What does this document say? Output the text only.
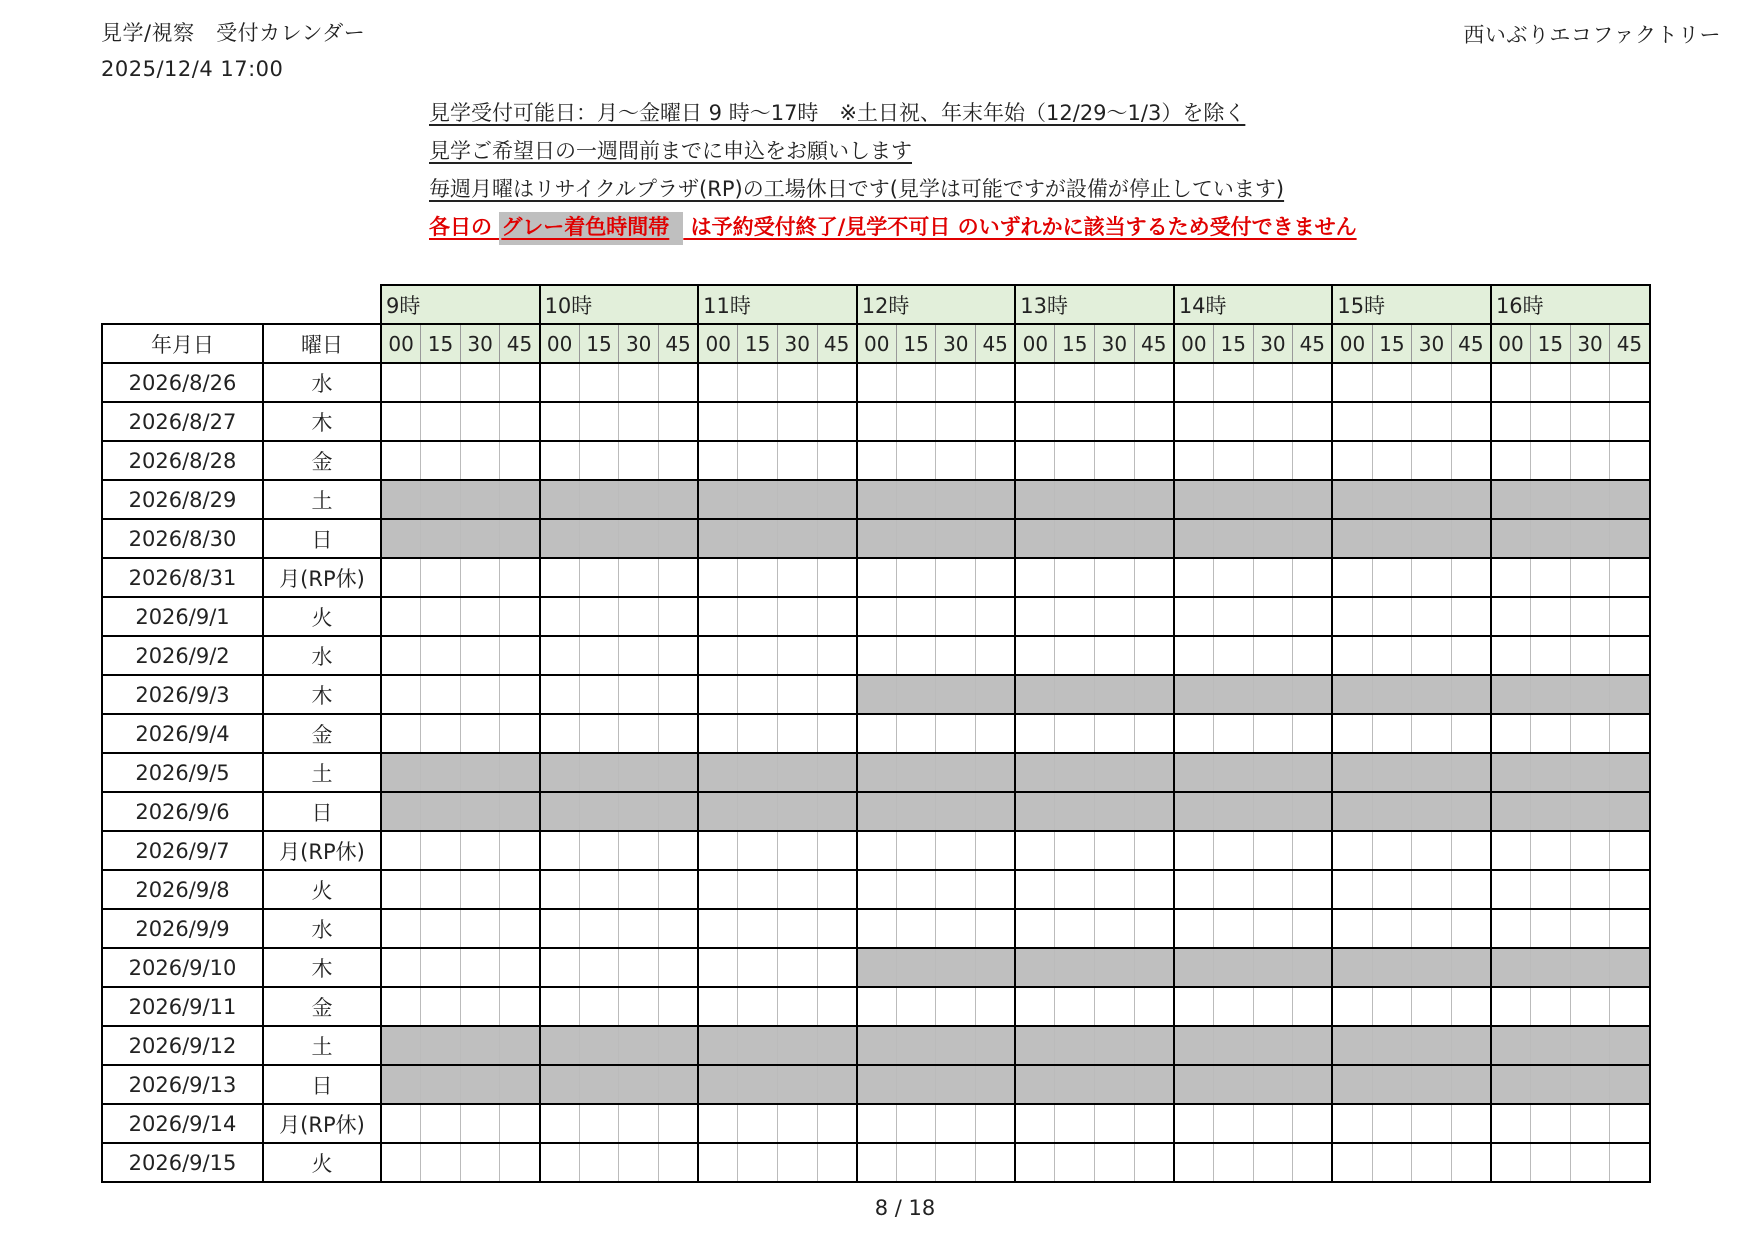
見学/視察　受付カレンダー
2025/12/4 17:00
西いぶりエコファクトリー
見学受付可能日：月～金曜日 9 時～17時　※土日祝、年末年始（12/29～1/3）を除く
見学ご希望日の一週間前までに申込をお願いします
毎週月曜はリサイクルプラザ(RP)の工場休日です(見学は可能ですが設備が停止しています)
各日の グレー着色時間帯 は予約受付終了/見学不可日 のいずれかに該当するため受付できません
		9時				10時				11時				12時				13時				14時				15時				16時			
年月日	曜日	00	15	30	45	00	15	30	45	00	15	30	45	00	15	30	45	00	15	30	45	00	15	30	45	00	15	30	45	00	15	30	45
2026/8/26	水																																
2026/8/27	木																																
2026/8/28	金																																
2026/8/29	土																																
2026/8/30	日																																
2026/8/31	月(RP休)																																
2026/9/1	火																																
2026/9/2	水																																
2026/9/3	木																																
2026/9/4	金																																
2026/9/5	土																																
2026/9/6	日																																
2026/9/7	月(RP休)																																
2026/9/8	火																																
2026/9/9	水																																
2026/9/10	木																																
2026/9/11	金																																
2026/9/12	土																																
2026/9/13	日																																
2026/9/14	月(RP休)																																
2026/9/15	火																																
8 / 18
